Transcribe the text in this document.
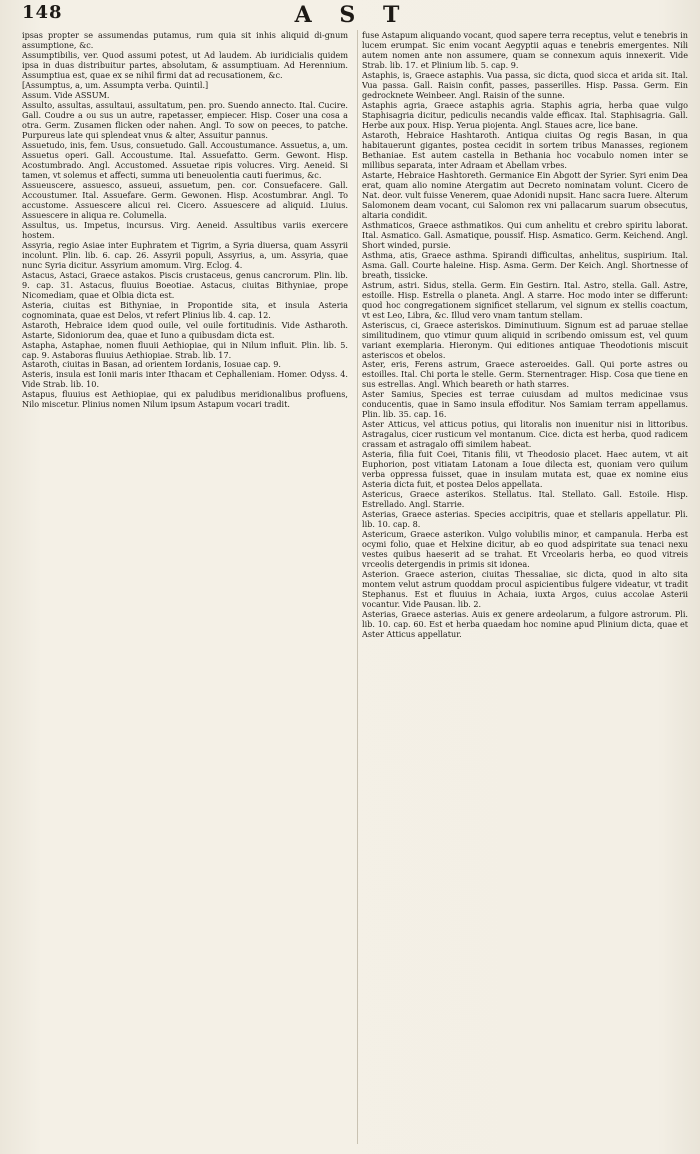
148	A S T

ipsas propter se assumendas putamus, rum quia sit inhis aliquid di-gnum assumptione, &c.

Assumptibilis, ver. Quod assumi potest, ut Ad laudem. Ab iuridicialis quidem ipsa in duas distribuitur partes, absolutam, & assumptiuam. Ad Herennium. Assumptiua est, quae ex se nihil firmi dat ad recusationem, &c.

[Assumptus, a, um. Assumpta verba. Quintil.]

Assum. Vide ASSUM.

Assulto, assultas, assultaui, assultatum, pen. pro. Suendo annecto. Ital. Cucire. Gall. Coudre a ou sus un autre, rapetasser, empiecer. Hisp. Coser una cosa a otra. Germ. Zusamen flicken oder nahen. Angl. To sow on peeces, to patche. Purpureus late qui splendeat vnus & alter, Assuitur pannus.

Assuetudo, inis, fem. Usus, consuetudo. Gall. Accoustumance. Assuetus, a, um. Assuetus operi. Gall. Accoustume. Ital. Assuefatto. Germ. Gewont. Hisp. Acostumbrado. Angl. Accustomed. Assuetae ripis volucres. Virg. Aeneid. Si tamen, vt solemus et affecti, summa uti beneuolentia cauti fuerimus, &c.

Assueuscere, assuesco, assueui, assuetum, pen. cor. Consuefacere. Gall. Accoustumer. Ital. Assuefare. Germ. Gewonen. Hisp. Acostumbrar. Angl. To accustome. Assuescere alicui rei. Cicero. Assuescere ad aliquid. Liuius. Assuescere in aliqua re. Columella.

Assultus, us. Impetus, incursus. Virg. Aeneid. Assultibus variis exercere hostem.

Assyria, regio Asiae inter Euphratem et Tigrim, a Syria diuersa, quam Assyrii incolunt. Plin. lib. 6. cap. 26. Assyrii populi, Assyrius, a, um. Assyria, quae nunc Syria dicitur. Assyrium amomum. Virg. Eclog. 4.

Astacus, Astaci, Graece astakos. Piscis crustaceus, genus cancrorum. Plin. lib. 9. cap. 31. Astacus, fluuius Boeotiae. Astacus, ciuitas Bithyniae, prope Nicomediam, quae et Olbia dicta est.

Asteria, ciuitas est Bithyniae, in Propontide sita, et insula Asteria cognominata, quae est Delos, vt refert Plinius lib. 4. cap. 12.

Astaroth, Hebraice idem quod ouile, vel ouile fortitudinis. Vide Astharoth. Astarte, Sidoniorum dea, quae et Iuno a quibusdam dicta est.

Astapha, Astaphae, nomen fluuii Aethiopiae, qui in Nilum influit. Plin. lib. 5. cap. 9. Astaboras fluuius Aethiopiae. Strab. lib. 17.

Astaroth, ciuitas in Basan, ad orientem Iordanis, Iosuae cap. 9.

Asteris, insula est Ionii maris inter Ithacam et Cephalleniam. Homer. Odyss. 4. Vide Strab. lib. 10.

Astapus, fluuius est Aethiopiae, qui ex paludibus meridionalibus profluens, Nilo miscetur. Plinius nomen Nilum ipsum Astapum vocari tradit.

fuse Astapum aliquando vocant, quod sapere terra receptus, velut e tenebris in lucem erumpat. Sic enim vocant Aegyptii aquas e tenebris emergentes. Nili autem nomen ante non assumere, quam se connexum aquis innexerit. Vide Strab. lib. 17. et Plinium lib. 5. cap. 9.

Astaphis, is, Graece astaphis. Vua passa, sic dicta, quod sicca et arida sit. Ital. Vua passa. Gall. Raisin confit, passes, passerilles. Hisp. Passa. Germ. Ein gedrocknete Weinbeer. Angl. Raisin of the sunne.

Astaphis agria, Graece astaphis agria. Staphis agria, herba quae vulgo Staphisagria dicitur, pediculis necandis valde efficax. Ital. Staphisagria. Gall. Herbe aux poux. Hisp. Yerua piojenta. Angl. Staues acre, lice bane.

Astaroth, Hebraice Hashtaroth. Antiqua ciuitas Og regis Basan, in qua habitauerunt gigantes, postea cecidit in sortem tribus Manasses, regionem Bethaniae. Est autem castella in Bethania hoc vocabulo nomen inter se millibus separata, inter Adraam et Abellam vrbes.

Astarte, Hebraice Hashtoreth. Germanice Ein Abgott der Syrier. Syri enim Dea erat, quam alio nomine Atergatim aut Decreto nominatam volunt. Cicero de Nat. deor. vult fuisse Venerem, quae Adonidi nupsit. Hanc sacra Iuere. Alterum Salomonem deam vocant, cui Salomon rex vni pallacarum suarum obsecutus, altaria condidit.

Asthmaticos, Graece asthmatikos. Qui cum anhelitu et crebro spiritu laborat. Ital. Asmatico. Gall. Asmatique, poussif. Hisp. Asmatico. Germ. Keichend. Angl. Short winded, pursie.

Asthma, atis, Graece asthma. Spirandi difficultas, anhelitus, suspirium. Ital. Asma. Gall. Courte haleine. Hisp. Asma. Germ. Der Keich. Angl. Shortnesse of breath, tissicke.

Astrum, astri. Sidus, stella. Germ. Ein Gestirn. Ital. Astro, stella. Gall. Astre, estoille. Hisp. Estrella o planeta. Angl. A starre. Hoc modo inter se differunt: quod hoc congregationem significet stellarum, vel signum ex stellis coactum, vt est Leo, Libra, &c. Illud vero vnam tantum stellam.

Asteriscus, ci, Graece asteriskos. Diminutiuum. Signum est ad paruae stellae similitudinem, quo vtimur quum aliquid in scribendo omissum est, vel quum variant exemplaria. Hieronym. Qui editiones antiquae Theodotionis miscuit asteriscos et obelos.

Aster, eris, Ferens astrum, Graece asteroeides. Gall. Qui porte astres ou estoilles. Ital. Chi porta le stelle. Germ. Sternentrager. Hisp. Cosa que tiene en sus estrellas. Angl. Which beareth or hath starres.

Aster Samius, Species est terrae cuiusdam ad multos medicinae vsus conducentis, quae in Samo insula effoditur. Nos Samiam terram appellamus. Plin. lib. 35. cap. 16.

Aster Atticus, vel atticus potius, qui litoralis non inuenitur nisi in littoribus. Astragalus, cicer rusticum vel montanum. Cice. dicta est herba, quod radicem crassam et astragalo offi similem habeat.

Asteria, filia fuit Coei, Titanis filii, vt Theodosio placet. Haec autem, vt ait Euphorion, post vitiatam Latonam a Ioue dilecta est, quoniam vero quilum verba oppressa fuisset, quae in insulam mutata est, quae ex nomine eius Asteria dicta fuit, et postea Delos appellata.

Astericus, Graece asterikos. Stellatus. Ital. Stellato. Gall. Estoile. Hisp. Estrellado. Angl. Starrie.

Asterias, Graece asterias. Species accipitris, quae et stellaris appellatur. Pli. lib. 10. cap. 8.

Astericum, Graece asterikon. Vulgo volubilis minor, et campanula. Herba est ocymi folio, quae et Helxine dicitur, ab eo quod adspiritate sua tenaci nexu vestes quibus haeserit ad se trahat. Et Vrceolaris herba, eo quod vitreis vrceolis detergendis in primis sit idonea.

Asterion. Graece asterion, ciuitas Thessaliae, sic dicta, quod in alto sita montem velut astrum quoddam procul aspicientibus fulgere videatur, vt tradit Stephanus. Est et fluuius in Achaia, iuxta Argos, cuius accolae Asterii vocantur. Vide Pausan. lib. 2.

Asterias, Graece asterias. Auis ex genere ardeolarum, a fulgore astrorum. Pli. lib. 10. cap. 60. Est et herba quaedam hoc nomine apud Plinium dicta, quae et Aster Atticus appellatur.
